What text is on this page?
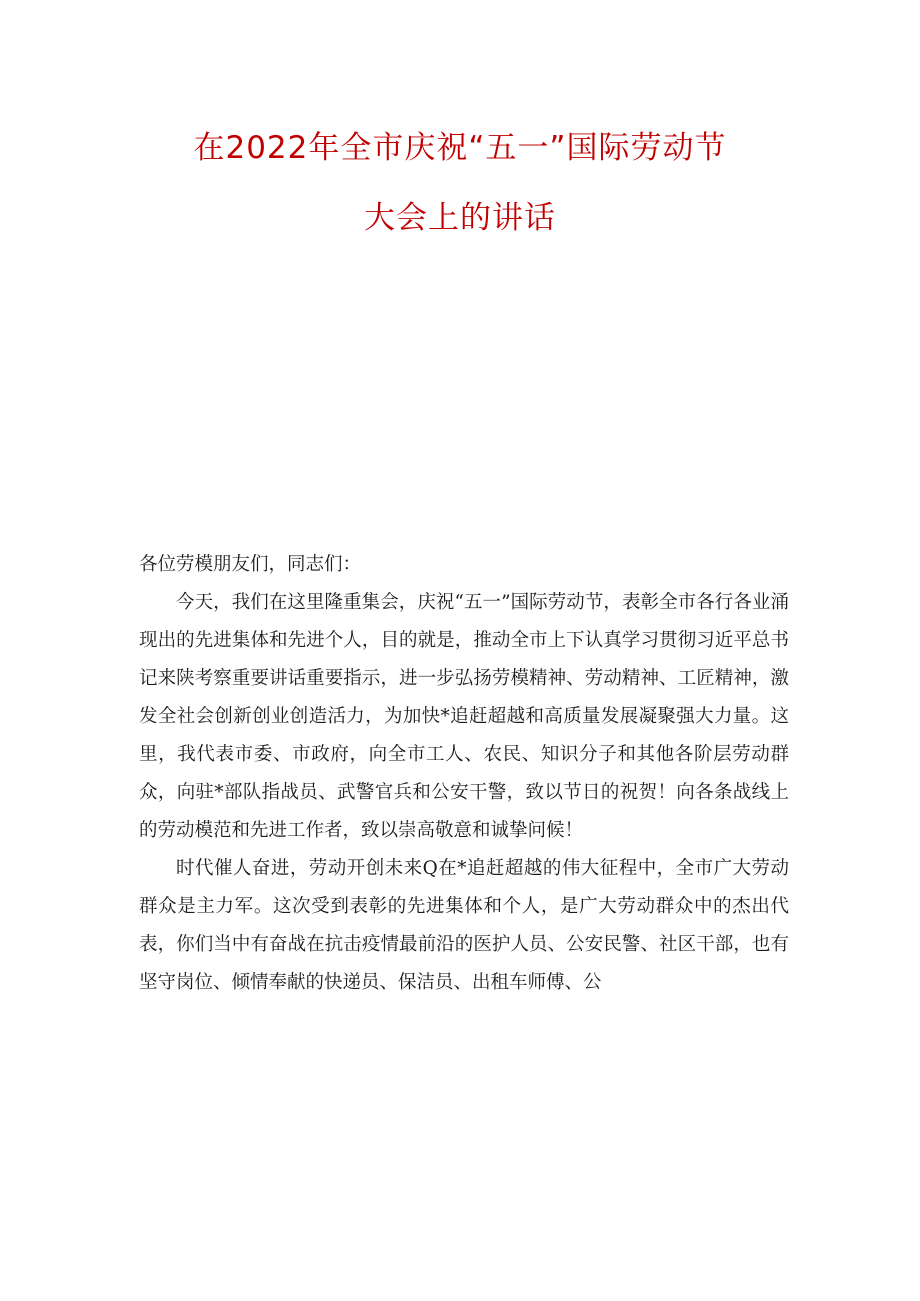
在2022年全市庆祝“五一”国际劳动节
大会上的讲话

各位劳模朋友们，同志们：

今天，我们在这里隆重集会，庆祝“五一”国际劳动节，表彰全市各行各业涌现出的先进集体和先进个人，目的就是，推动全市上下认真学习贯彻习近平总书记来陕考察重要讲话重要指示，进一步弘扬劳模精神、劳动精神、工匠精神，激发全社会创新创业创造活力，为加快*追赶超越和高质量发展凝聚强大力量。这里，我代表市委、市政府，向全市工人、农民、知识分子和其他各阶层劳动群众，向驻*部队指战员、武警官兵和公安干警，致以节日的祝贺！向各条战线上的劳动模范和先进工作者，致以崇高敬意和诚挚问候！

时代催人奋进，劳动开创未来Q在*追赶超越的伟大征程中，全市广大劳动群众是主力军。这次受到表彰的先进集体和个人，是广大劳动群众中的杰出代表，你们当中有奋战在抗击疫情最前沿的医护人员、公安民警、社区干部，也有坚守岗位、倾情奉献的快递员、保洁员、出租车师傅、公
